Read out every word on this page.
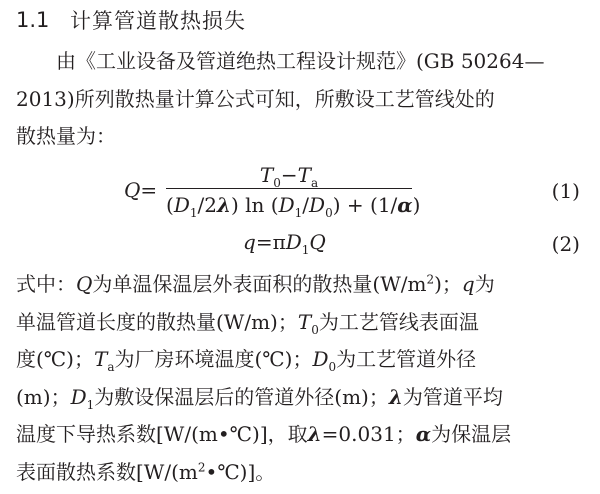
1.1 计算管道散热损失
由《工业设备及管道绝热工程设计规范》(GB 50264—
2013)所列散热量计算公式可知，所敷设工艺管线处的
散热量为：
Q=
$T_0-T_a$
$(D_1/2\lambda)$ $\ln (D_1/D_0) + (1/\alpha)$
(1)
$q=\pi D_1Q$	(2)
式中：Q为单温保温层外表面积的散热量$(W/m^2)$；q为
单温管道长度的散热量(W/m)；$T_0$为工艺管线表面温
度(℃)；$T_a$为厂房环境温度(℃)；$D_0$为工艺管道外径
(m)；$D_1$为敷设保温层后的管道外径(m)；λ为管道平均
温度下导热系数[W/(m•℃)]，取λ=0.031；α为保温层
表面散热系数$[W/(m^2•℃)]$。
